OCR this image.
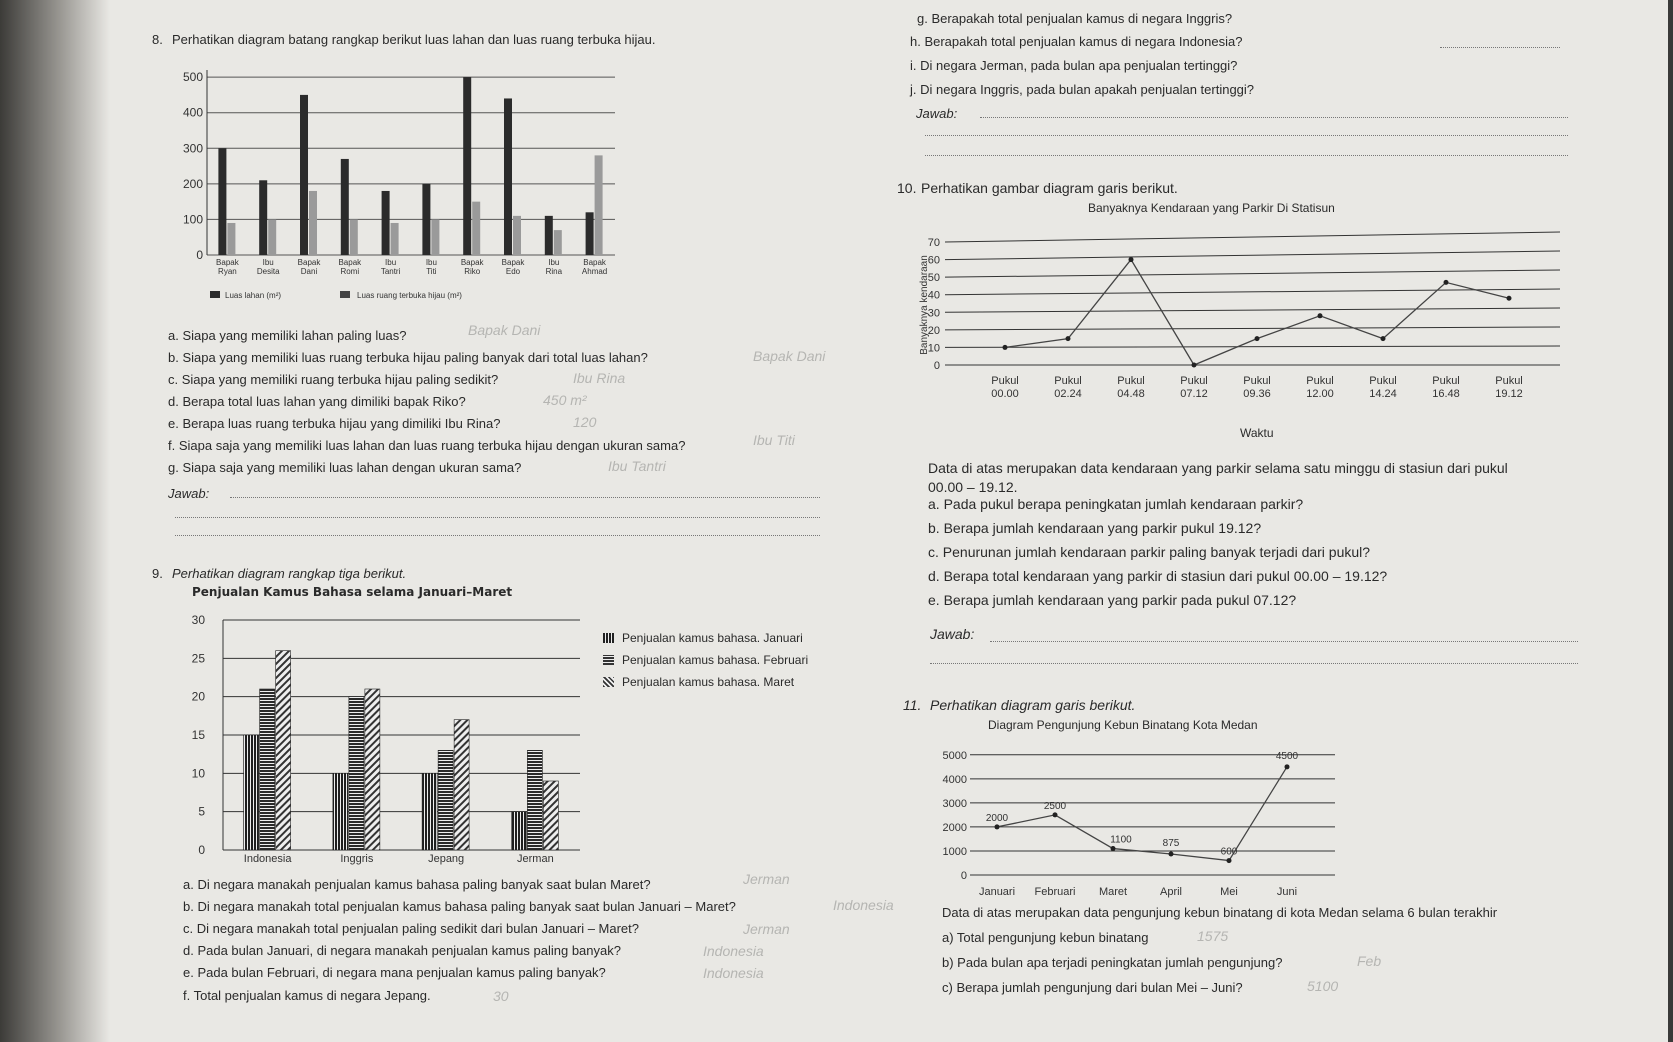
8. Perhatikan diagram batang rangkap berikut luas lahan dan luas ruang terbuka hijau.
0
100
200
300
400
500
Bapak
Ryan
Ibu
Desita
Bapak
Dani
Bapak
Romi
Ibu
Tantri
Ibu
Titi
Bapak
Riko
Bapak
Edo
Ibu
Rina
Bapak
Ahmad
Luas lahan (m²)	Luas ruang terbuka hijau (m²)
a. Siapa yang memiliki lahan paling luas?	Bapak Dani
b. Siapa yang memiliki luas ruang terbuka hijau paling banyak dari total luas lahan?	Bapak Dani
c. Siapa yang memiliki ruang terbuka hijau paling sedikit?	Ibu Rina
d. Berapa total luas lahan yang dimiliki bapak Riko?	450 m²
e. Berapa luas ruang terbuka hijau yang dimiliki Ibu Rina?	120
f. Siapa saja yang memiliki luas lahan dan luas ruang terbuka hijau dengan ukuran sama?	Ibu Titi
g. Siapa saja yang memiliki luas lahan dengan ukuran sama?	Ibu Tantri
Jawab:
9. Perhatikan diagram rangkap tiga berikut.
Penjualan Kamus Bahasa selama Januari–Maret
0
5
10
15
20
25
30
Indonesia	Inggris	Jepang	Jerman
Penjualan kamus bahasa. Januari
Penjualan kamus bahasa. Februari
Penjualan kamus bahasa. Maret
a. Di negara manakah penjualan kamus bahasa paling banyak saat bulan Maret?	Jerman
b. Di negara manakah total penjualan kamus bahasa paling banyak saat bulan Januari – Maret?	Indonesia
c. Di negara manakah total penjualan paling sedikit dari bulan Januari – Maret?	Jerman
d. Pada bulan Januari, di negara manakah penjualan kamus paling banyak?	Indonesia
e. Pada bulan Februari, di negara mana penjualan kamus paling banyak?	Indonesia
f. Total penjualan kamus di negara Jepang.	30
g. Berapakah total penjualan kamus di negara Inggris?
h. Berapakah total penjualan kamus di negara Indonesia?
i. Di negara Jerman, pada bulan apa penjualan tertinggi?
j. Di negara Inggris, pada bulan apakah penjualan tertinggi?
Jawab:
10. Perhatikan gambar diagram garis berikut.
Banyaknya Kendaraan yang Parkir Di Statisun
Waktu
0
10
20
30
40
50
60
70
Banyaknya kendaraan
Pukul
00.00
Pukul
02.24
Pukul
04.48
Pukul
07.12
Pukul
09.36
Pukul
12.00
Pukul
14.24
Pukul
16.48
Pukul
19.12
Data di atas merupakan data kendaraan yang parkir selama satu minggu di stasiun dari pukul
00.00 – 19.12.
a. Pada pukul berapa peningkatan jumlah kendaraan parkir?
b. Berapa jumlah kendaraan yang parkir pukul 19.12?
c. Penurunan jumlah kendaraan parkir paling banyak terjadi dari pukul?
d. Berapa total kendaraan yang parkir di stasiun dari pukul 00.00 – 19.12?
e. Berapa jumlah kendaraan yang parkir pada pukul 07.12?
Jawab:
11. Perhatikan diagram garis berikut.
Diagram Pengunjung Kebun Binatang Kota Medan
0
1000
2000
3000
4000
5000
2000
Januari
2500
Februari
1100
Maret
875
April
600
Mei
4500
Juni
Data di atas merupakan data pengunjung kebun binatang di kota Medan selama 6 bulan terakhir
a) Total pengunjung kebun binatang	1575
b) Pada bulan apa terjadi peningkatan jumlah pengunjung?	Feb
c) Berapa jumlah pengunjung dari bulan Mei – Juni?	5100
